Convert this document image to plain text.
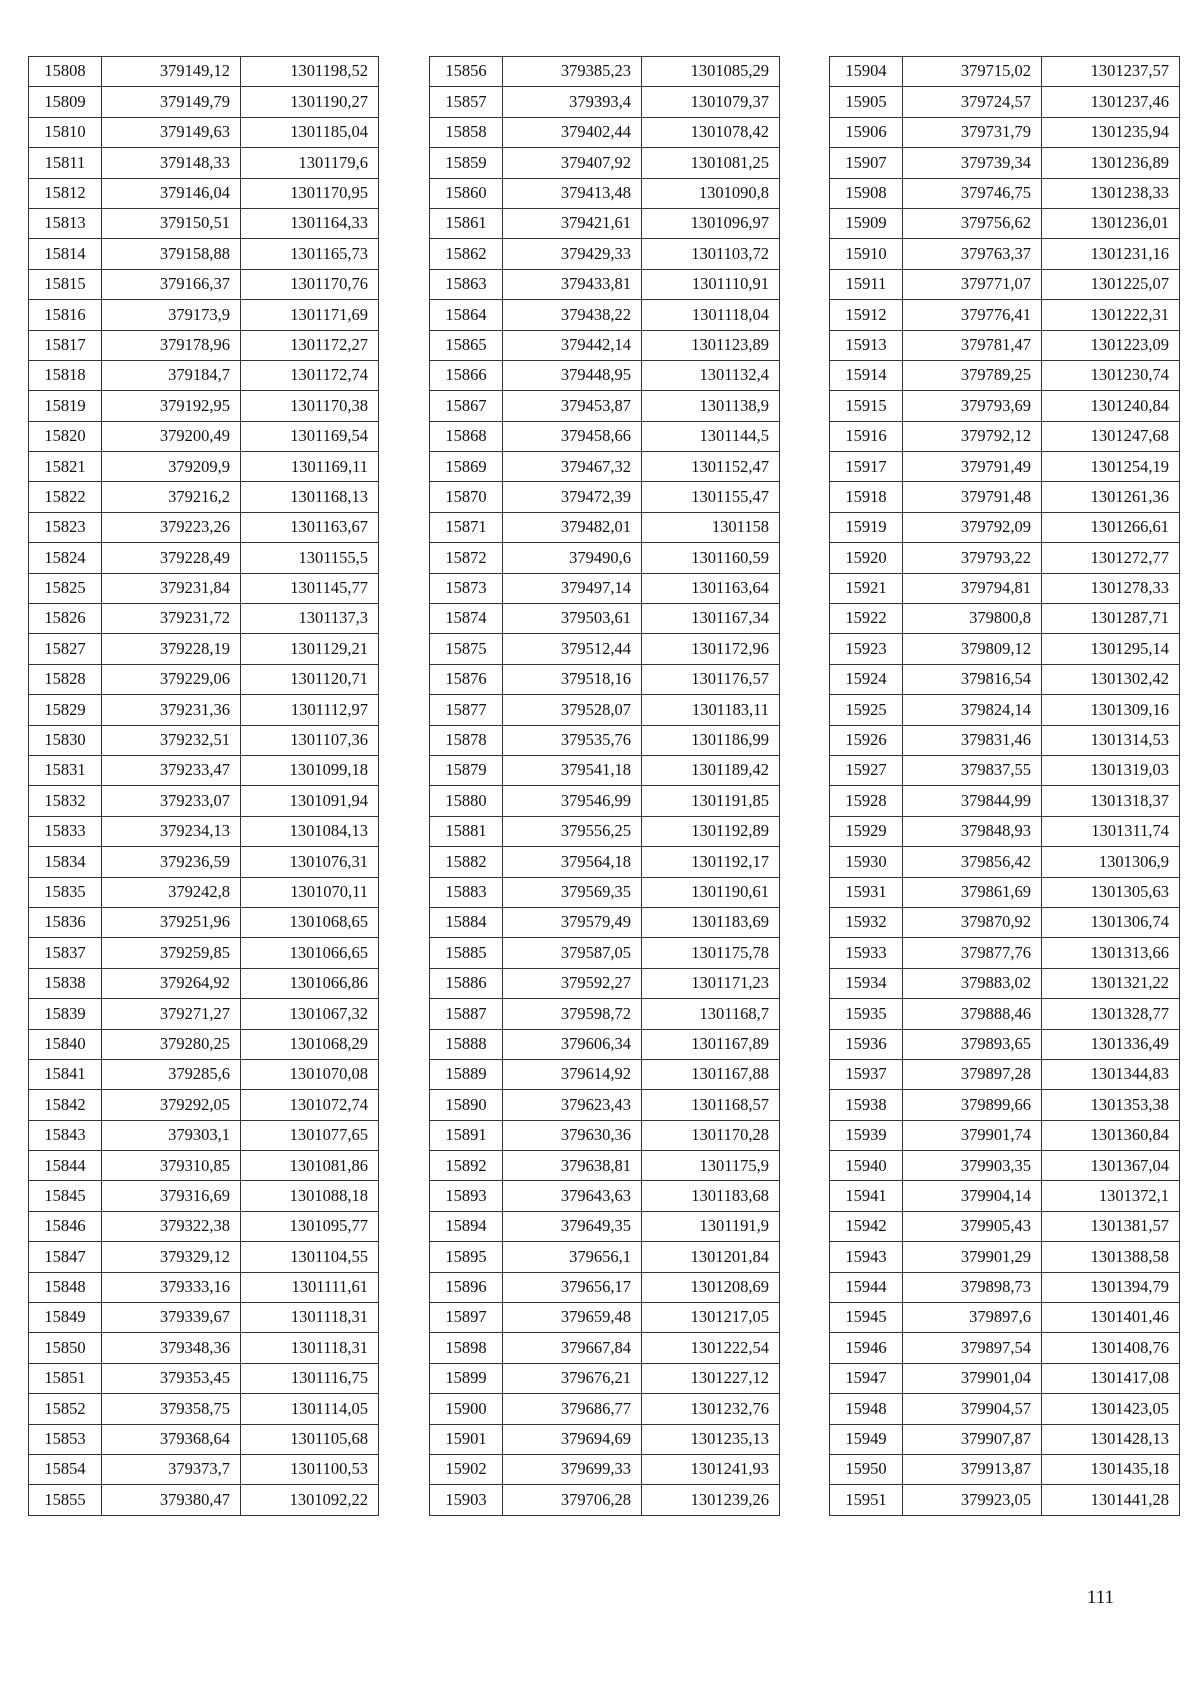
15808	379149,12	1301198,52
15809	379149,79	1301190,27
15810	379149,63	1301185,04
15811	379148,33	1301179,6
15812	379146,04	1301170,95
15813	379150,51	1301164,33
15814	379158,88	1301165,73
15815	379166,37	1301170,76
15816	379173,9	1301171,69
15817	379178,96	1301172,27
15818	379184,7	1301172,74
15819	379192,95	1301170,38
15820	379200,49	1301169,54
15821	379209,9	1301169,11
15822	379216,2	1301168,13
15823	379223,26	1301163,67
15824	379228,49	1301155,5
15825	379231,84	1301145,77
15826	379231,72	1301137,3
15827	379228,19	1301129,21
15828	379229,06	1301120,71
15829	379231,36	1301112,97
15830	379232,51	1301107,36
15831	379233,47	1301099,18
15832	379233,07	1301091,94
15833	379234,13	1301084,13
15834	379236,59	1301076,31
15835	379242,8	1301070,11
15836	379251,96	1301068,65
15837	379259,85	1301066,65
15838	379264,92	1301066,86
15839	379271,27	1301067,32
15840	379280,25	1301068,29
15841	379285,6	1301070,08
15842	379292,05	1301072,74
15843	379303,1	1301077,65
15844	379310,85	1301081,86
15845	379316,69	1301088,18
15846	379322,38	1301095,77
15847	379329,12	1301104,55
15848	379333,16	1301111,61
15849	379339,67	1301118,31
15850	379348,36	1301118,31
15851	379353,45	1301116,75
15852	379358,75	1301114,05
15853	379368,64	1301105,68
15854	379373,7	1301100,53
15855	379380,47	1301092,22
15856	379385,23	1301085,29
15857	379393,4	1301079,37
15858	379402,44	1301078,42
15859	379407,92	1301081,25
15860	379413,48	1301090,8
15861	379421,61	1301096,97
15862	379429,33	1301103,72
15863	379433,81	1301110,91
15864	379438,22	1301118,04
15865	379442,14	1301123,89
15866	379448,95	1301132,4
15867	379453,87	1301138,9
15868	379458,66	1301144,5
15869	379467,32	1301152,47
15870	379472,39	1301155,47
15871	379482,01	1301158
15872	379490,6	1301160,59
15873	379497,14	1301163,64
15874	379503,61	1301167,34
15875	379512,44	1301172,96
15876	379518,16	1301176,57
15877	379528,07	1301183,11
15878	379535,76	1301186,99
15879	379541,18	1301189,42
15880	379546,99	1301191,85
15881	379556,25	1301192,89
15882	379564,18	1301192,17
15883	379569,35	1301190,61
15884	379579,49	1301183,69
15885	379587,05	1301175,78
15886	379592,27	1301171,23
15887	379598,72	1301168,7
15888	379606,34	1301167,89
15889	379614,92	1301167,88
15890	379623,43	1301168,57
15891	379630,36	1301170,28
15892	379638,81	1301175,9
15893	379643,63	1301183,68
15894	379649,35	1301191,9
15895	379656,1	1301201,84
15896	379656,17	1301208,69
15897	379659,48	1301217,05
15898	379667,84	1301222,54
15899	379676,21	1301227,12
15900	379686,77	1301232,76
15901	379694,69	1301235,13
15902	379699,33	1301241,93
15903	379706,28	1301239,26
15904	379715,02	1301237,57
15905	379724,57	1301237,46
15906	379731,79	1301235,94
15907	379739,34	1301236,89
15908	379746,75	1301238,33
15909	379756,62	1301236,01
15910	379763,37	1301231,16
15911	379771,07	1301225,07
15912	379776,41	1301222,31
15913	379781,47	1301223,09
15914	379789,25	1301230,74
15915	379793,69	1301240,84
15916	379792,12	1301247,68
15917	379791,49	1301254,19
15918	379791,48	1301261,36
15919	379792,09	1301266,61
15920	379793,22	1301272,77
15921	379794,81	1301278,33
15922	379800,8	1301287,71
15923	379809,12	1301295,14
15924	379816,54	1301302,42
15925	379824,14	1301309,16
15926	379831,46	1301314,53
15927	379837,55	1301319,03
15928	379844,99	1301318,37
15929	379848,93	1301311,74
15930	379856,42	1301306,9
15931	379861,69	1301305,63
15932	379870,92	1301306,74
15933	379877,76	1301313,66
15934	379883,02	1301321,22
15935	379888,46	1301328,77
15936	379893,65	1301336,49
15937	379897,28	1301344,83
15938	379899,66	1301353,38
15939	379901,74	1301360,84
15940	379903,35	1301367,04
15941	379904,14	1301372,1
15942	379905,43	1301381,57
15943	379901,29	1301388,58
15944	379898,73	1301394,79
15945	379897,6	1301401,46
15946	379897,54	1301408,76
15947	379901,04	1301417,08
15948	379904,57	1301423,05
15949	379907,87	1301428,13
15950	379913,87	1301435,18
15951	379923,05	1301441,28
111
